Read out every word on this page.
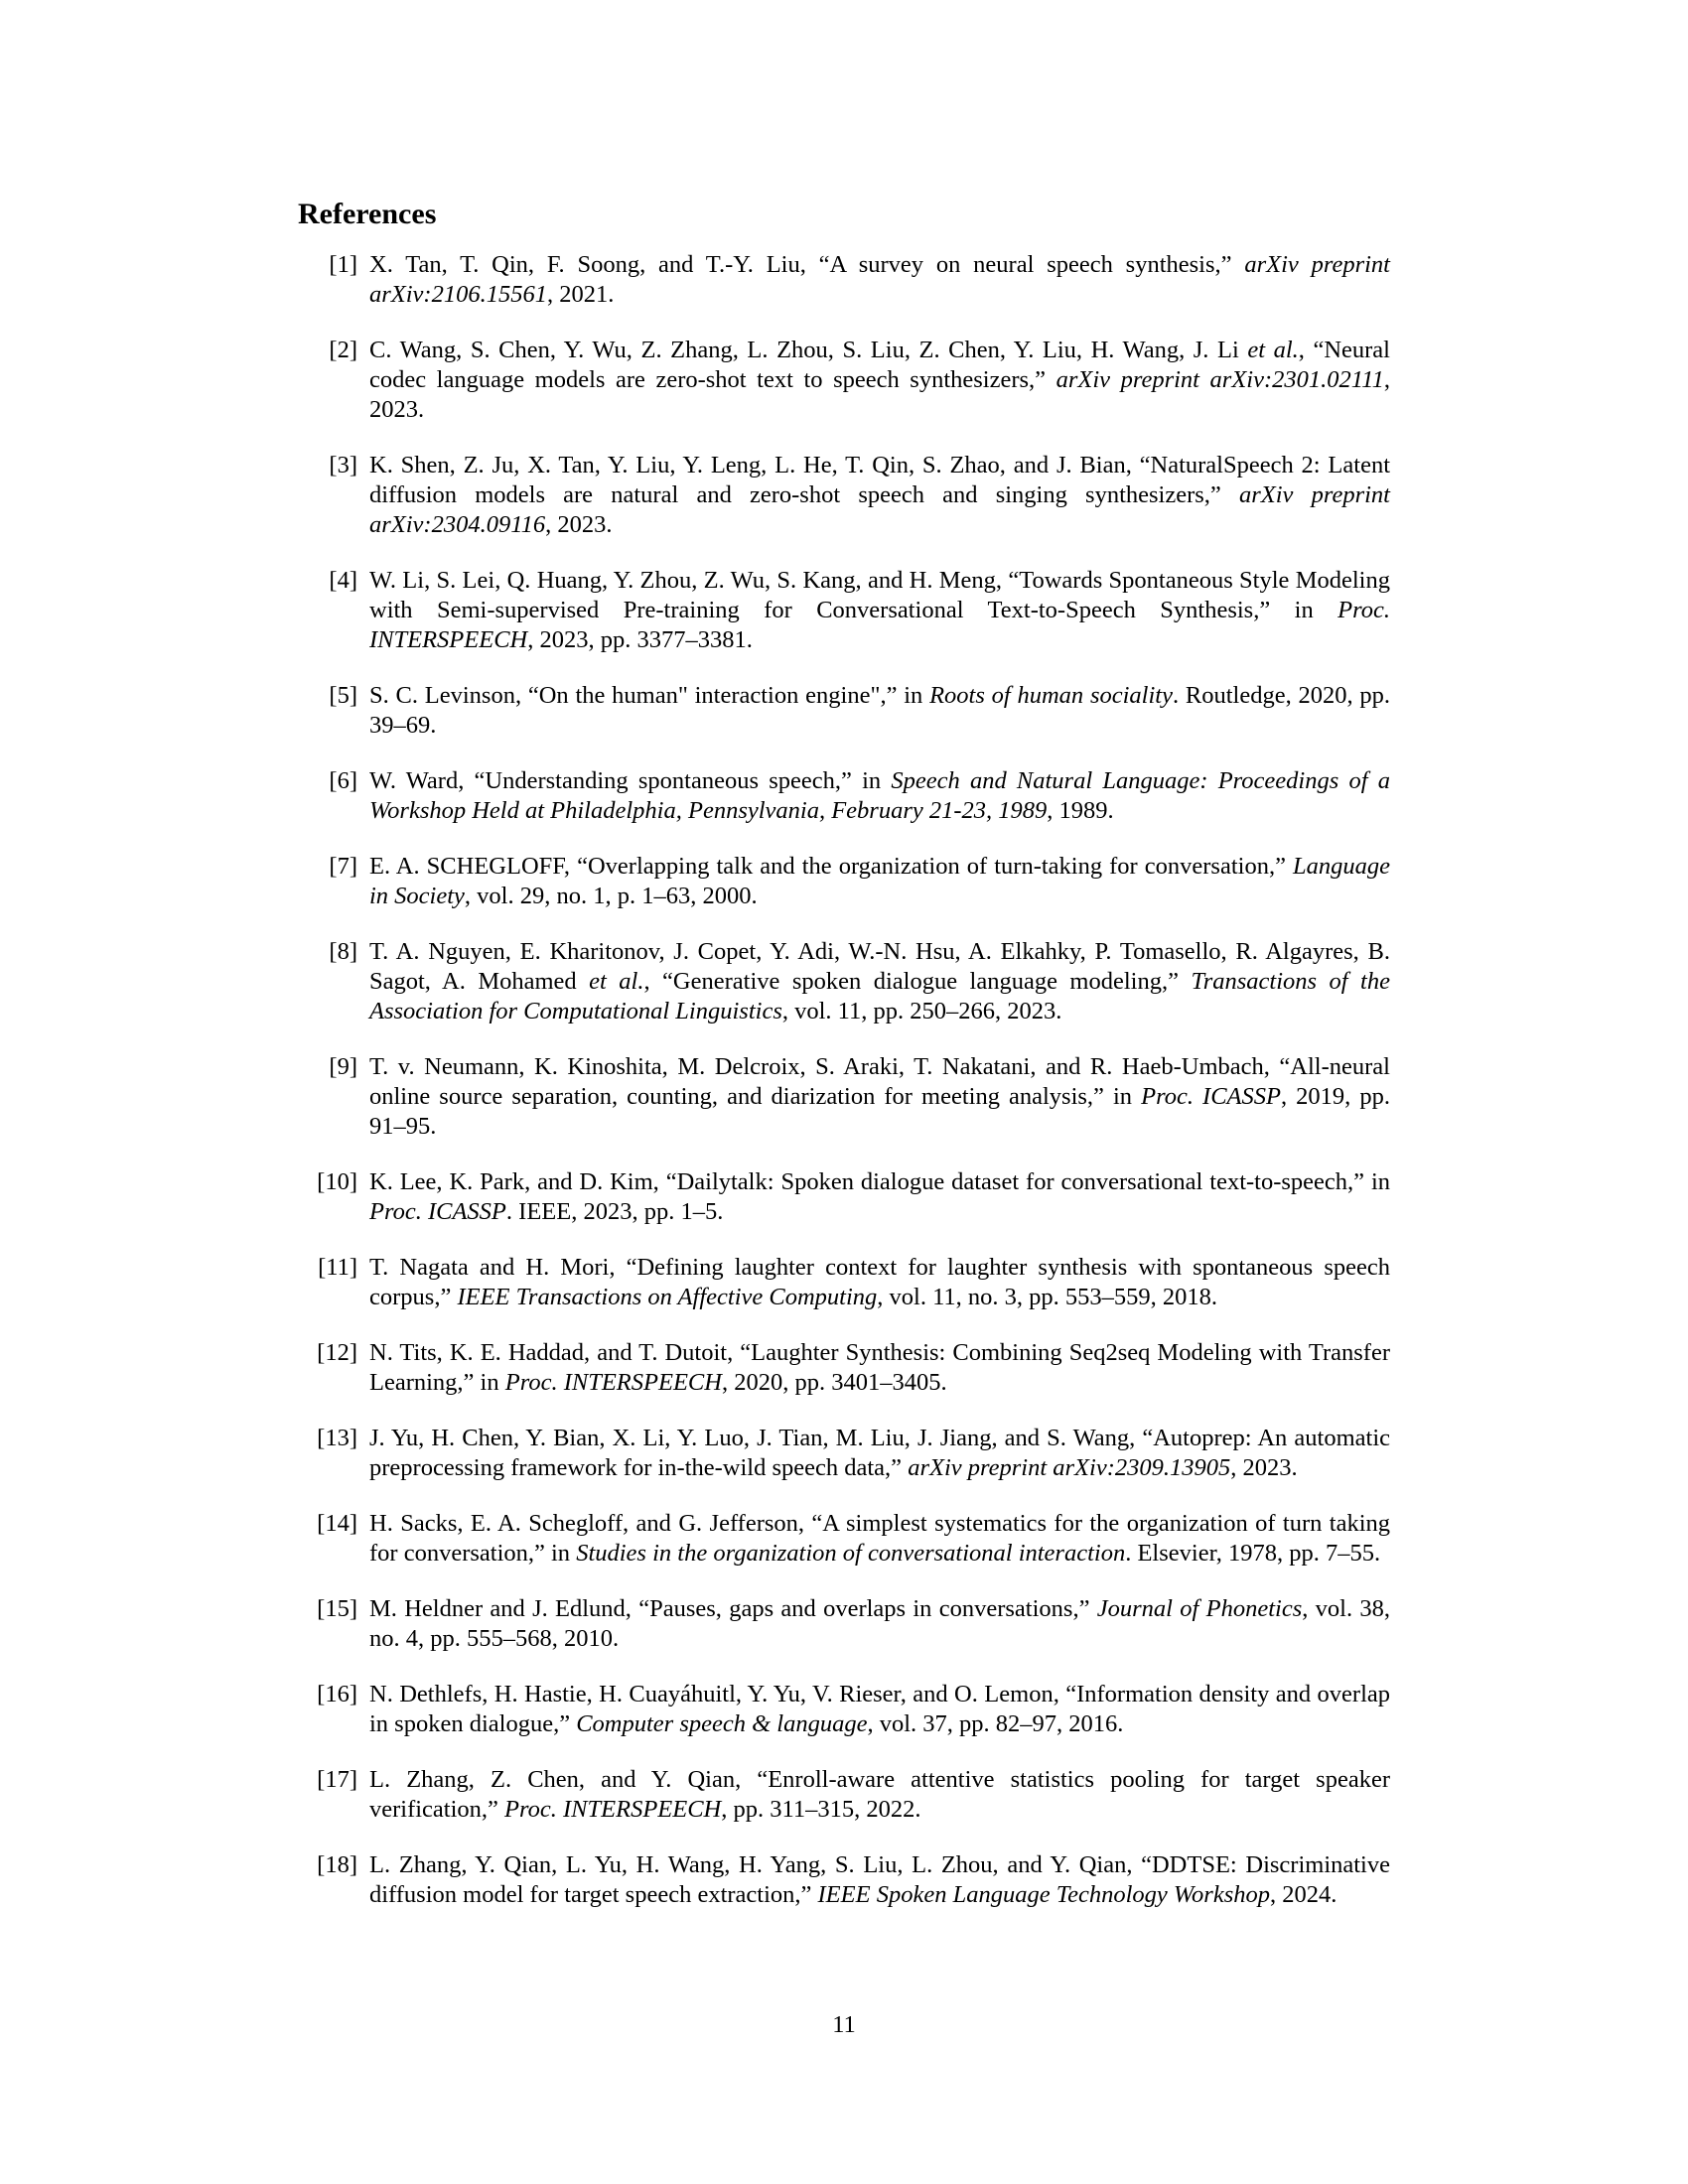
References
[1] X. Tan, T. Qin, F. Soong, and T.-Y. Liu, “A survey on neural speech synthesis,” arXiv preprint arXiv:2106.15561, 2021.
[2] C. Wang, S. Chen, Y. Wu, Z. Zhang, L. Zhou, S. Liu, Z. Chen, Y. Liu, H. Wang, J. Li et al., “Neural codec language models are zero-shot text to speech synthesizers,” arXiv preprint arXiv:2301.02111, 2023.
[3] K. Shen, Z. Ju, X. Tan, Y. Liu, Y. Leng, L. He, T. Qin, S. Zhao, and J. Bian, “NaturalSpeech 2: Latent diffusion models are natural and zero-shot speech and singing synthesizers,” arXiv preprint arXiv:2304.09116, 2023.
[4] W. Li, S. Lei, Q. Huang, Y. Zhou, Z. Wu, S. Kang, and H. Meng, “Towards Spontaneous Style Modeling with Semi-supervised Pre-training for Conversational Text-to-Speech Synthesis,” in Proc. INTERSPEECH, 2023, pp. 3377–3381.
[5] S. C. Levinson, “On the human" interaction engine",” in Roots of human sociality. Routledge, 2020, pp. 39–69.
[6] W. Ward, “Understanding spontaneous speech,” in Speech and Natural Language: Proceedings of a Workshop Held at Philadelphia, Pennsylvania, February 21-23, 1989, 1989.
[7] E. A. SCHEGLOFF, “Overlapping talk and the organization of turn-taking for conversation,” Language in Society, vol. 29, no. 1, p. 1–63, 2000.
[8] T. A. Nguyen, E. Kharitonov, J. Copet, Y. Adi, W.-N. Hsu, A. Elkahky, P. Tomasello, R. Algayres, B. Sagot, A. Mohamed et al., “Generative spoken dialogue language modeling,” Transactions of the Association for Computational Linguistics, vol. 11, pp. 250–266, 2023.
[9] T. v. Neumann, K. Kinoshita, M. Delcroix, S. Araki, T. Nakatani, and R. Haeb-Umbach, “All-neural online source separation, counting, and diarization for meeting analysis,” in Proc. ICASSP, 2019, pp. 91–95.
[10] K. Lee, K. Park, and D. Kim, “Dailytalk: Spoken dialogue dataset for conversational text-to-speech,” in Proc. ICASSP. IEEE, 2023, pp. 1–5.
[11] T. Nagata and H. Mori, “Defining laughter context for laughter synthesis with spontaneous speech corpus,” IEEE Transactions on Affective Computing, vol. 11, no. 3, pp. 553–559, 2018.
[12] N. Tits, K. E. Haddad, and T. Dutoit, “Laughter Synthesis: Combining Seq2seq Modeling with Transfer Learning,” in Proc. INTERSPEECH, 2020, pp. 3401–3405.
[13] J. Yu, H. Chen, Y. Bian, X. Li, Y. Luo, J. Tian, M. Liu, J. Jiang, and S. Wang, “Autoprep: An automatic preprocessing framework for in-the-wild speech data,” arXiv preprint arXiv:2309.13905, 2023.
[14] H. Sacks, E. A. Schegloff, and G. Jefferson, “A simplest systematics for the organization of turn taking for conversation,” in Studies in the organization of conversational interaction. Elsevier, 1978, pp. 7–55.
[15] M. Heldner and J. Edlund, “Pauses, gaps and overlaps in conversations,” Journal of Phonetics, vol. 38, no. 4, pp. 555–568, 2010.
[16] N. Dethlefs, H. Hastie, H. Cuayáhuitl, Y. Yu, V. Rieser, and O. Lemon, “Information density and overlap in spoken dialogue,” Computer speech & language, vol. 37, pp. 82–97, 2016.
[17] L. Zhang, Z. Chen, and Y. Qian, “Enroll-aware attentive statistics pooling for target speaker verification,” Proc. INTERSPEECH, pp. 311–315, 2022.
[18] L. Zhang, Y. Qian, L. Yu, H. Wang, H. Yang, S. Liu, L. Zhou, and Y. Qian, “DDTSE: Discriminative diffusion model for target speech extraction,” IEEE Spoken Language Technology Workshop, 2024.
11
